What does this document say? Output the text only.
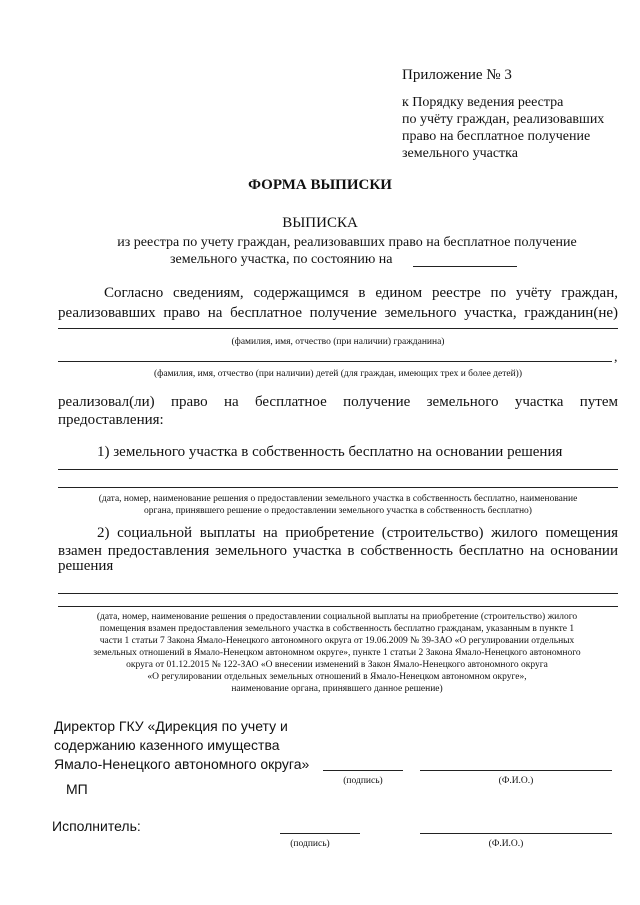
Приложение № 3
к Порядку ведения реестра
по учёту граждан, реализовавших
право на бесплатное получение
земельного участка
ФОРМА ВЫПИСКИ
ВЫПИСКА
из реестра по учету граждан, реализовавших право на бесплатное получение
земельного участка, по состоянию на
Согласно сведениям, содержащимся в едином реестре по учёту граждан,
реализовавших право на бесплатное получение земельного участка, гражданин(не)
(фамилия, имя, отчество (при наличии) гражданина)
,
(фамилия, имя, отчество (при наличии) детей (для граждан, имеющих трех и более детей))
реализовал(ли) право на бесплатное получение земельного участка путем
предоставления:
1) земельного участка в собственность бесплатно на основании решения
(дата, номер, наименование решения о предоставлении земельного участка в собственность бесплатно, наименование
органа, принявшего решение о предоставлении земельного участка в собственность бесплатно)
2) социальной выплаты на приобретение (строительство) жилого помещения
взамен предоставления земельного участка в собственность бесплатно на основании
решения
(дата, номер, наименование решения о предоставлении социальной выплаты на приобретение (строительство) жилого
помещения взамен предоставления земельного участка в собственность бесплатно гражданам, указанным в пункте 1
части 1 статьи 7 Закона Ямало-Ненецкого автономного округа от 19.06.2009 № 39-ЗАО «О регулировании отдельных
земельных отношений в Ямало-Ненецком автономном округе», пункте 1 статьи 2 Закона Ямало-Ненецкого автономного
округа от 01.12.2015 № 122-ЗАО «О внесении изменений в Закон Ямало-Ненецкого автономного округа
«О регулировании отдельных земельных отношений в Ямало-Ненецком автономном округе»,
наименование органа, принявшего данное решение)
Директор ГКУ «Дирекция по учету и
содержанию казенного имущества
Ямало-Ненецкого автономного округа»
(подпись)	(Ф.И.О.)
МП
Исполнитель:
(подпись)	(Ф.И.О.)
